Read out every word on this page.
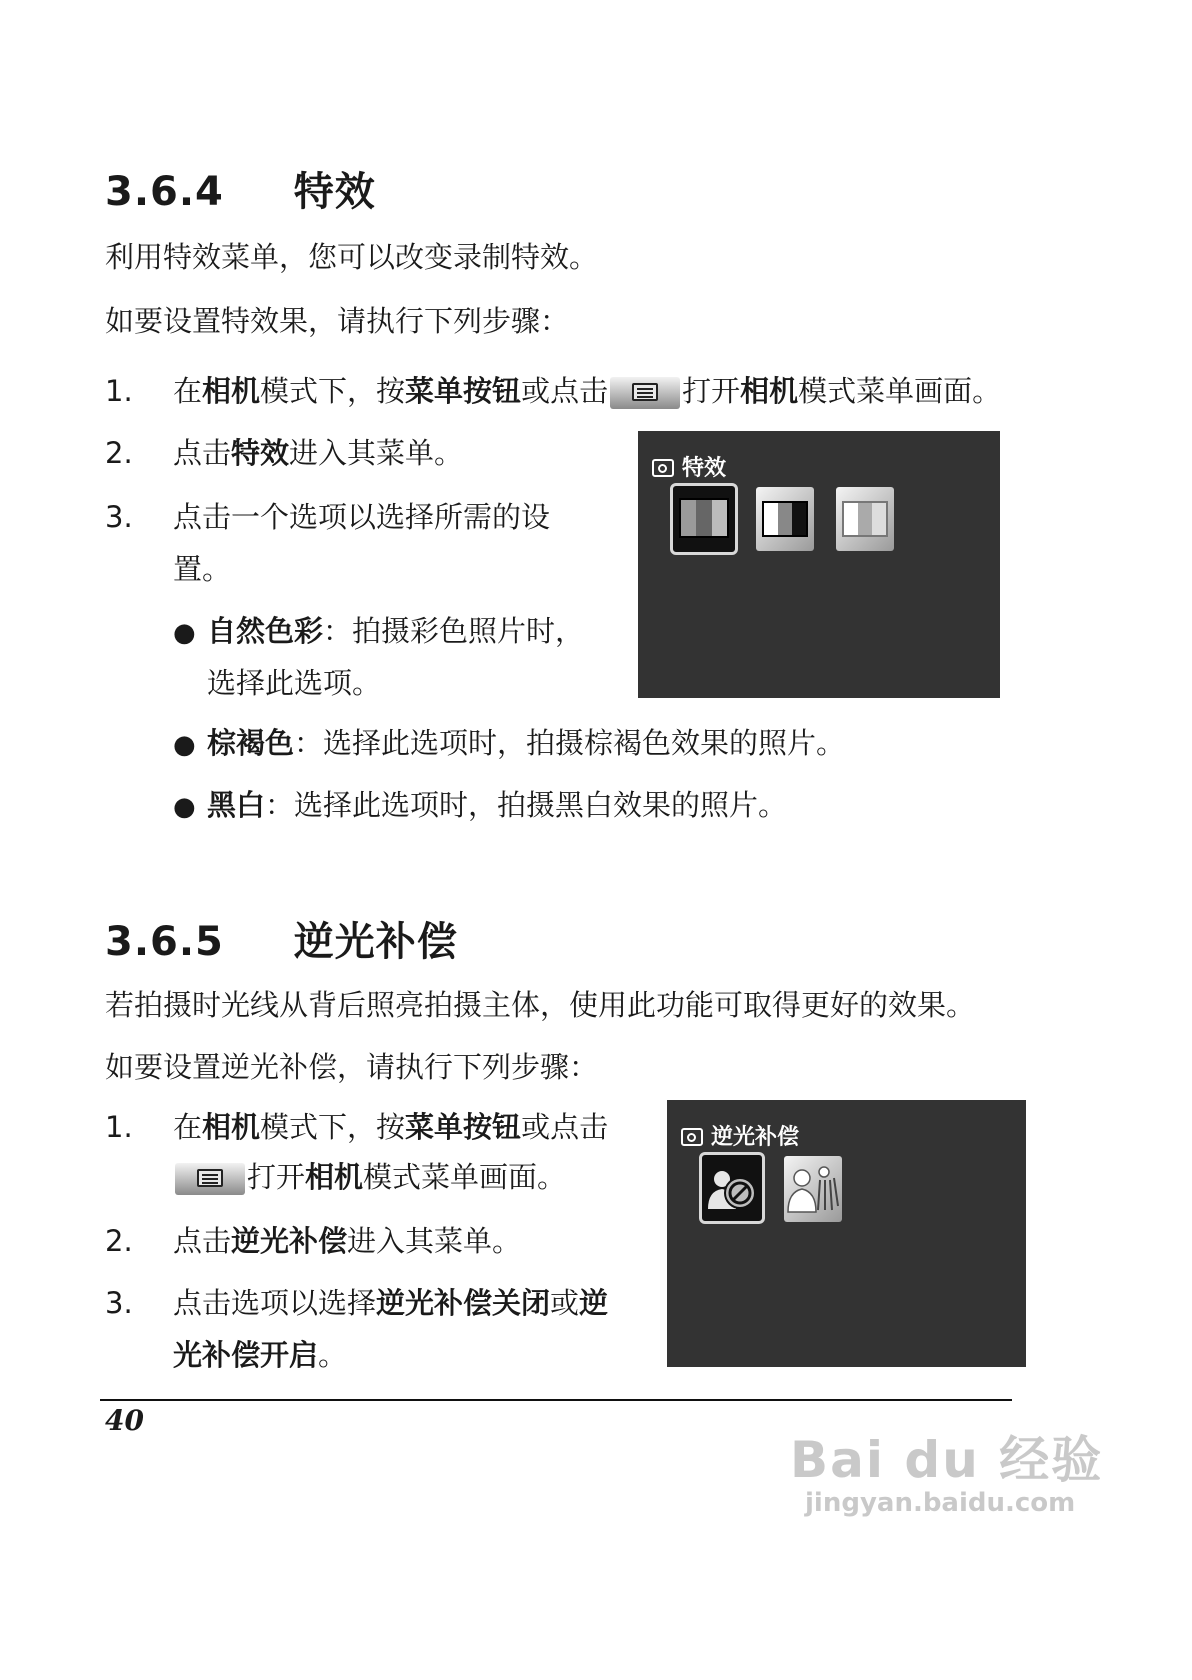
3.6.4 特效
利用特效菜单，您可以改变录制特效。
如要设置特效果，请执行下列步骤：
1. 在相机模式下，按菜单按钮或点击	打开相机模式菜单画面。
2. 点击特效进入其菜单。
3. 点击一个选项以选择所需的设
置。
● 自然色彩：拍摄彩色照片时，
选择此选项。
● 棕褐色：选择此选项时，拍摄棕褐色效果的照片。
● 黑白：选择此选项时，拍摄黑白效果的照片。
特效
3.6.5 逆光补偿
若拍摄时光线从背后照亮拍摄主体，使用此功能可取得更好的效果。
如要设置逆光补偿，请执行下列步骤：
1. 在相机模式下，按菜单按钮或点击
打开相机模式菜单画面。
2. 点击逆光补偿进入其菜单。
3. 点击选项以选择逆光补偿关闭或逆
光补偿开启。
逆光补偿
40
Bai du 经验
jingyan.baidu.com
